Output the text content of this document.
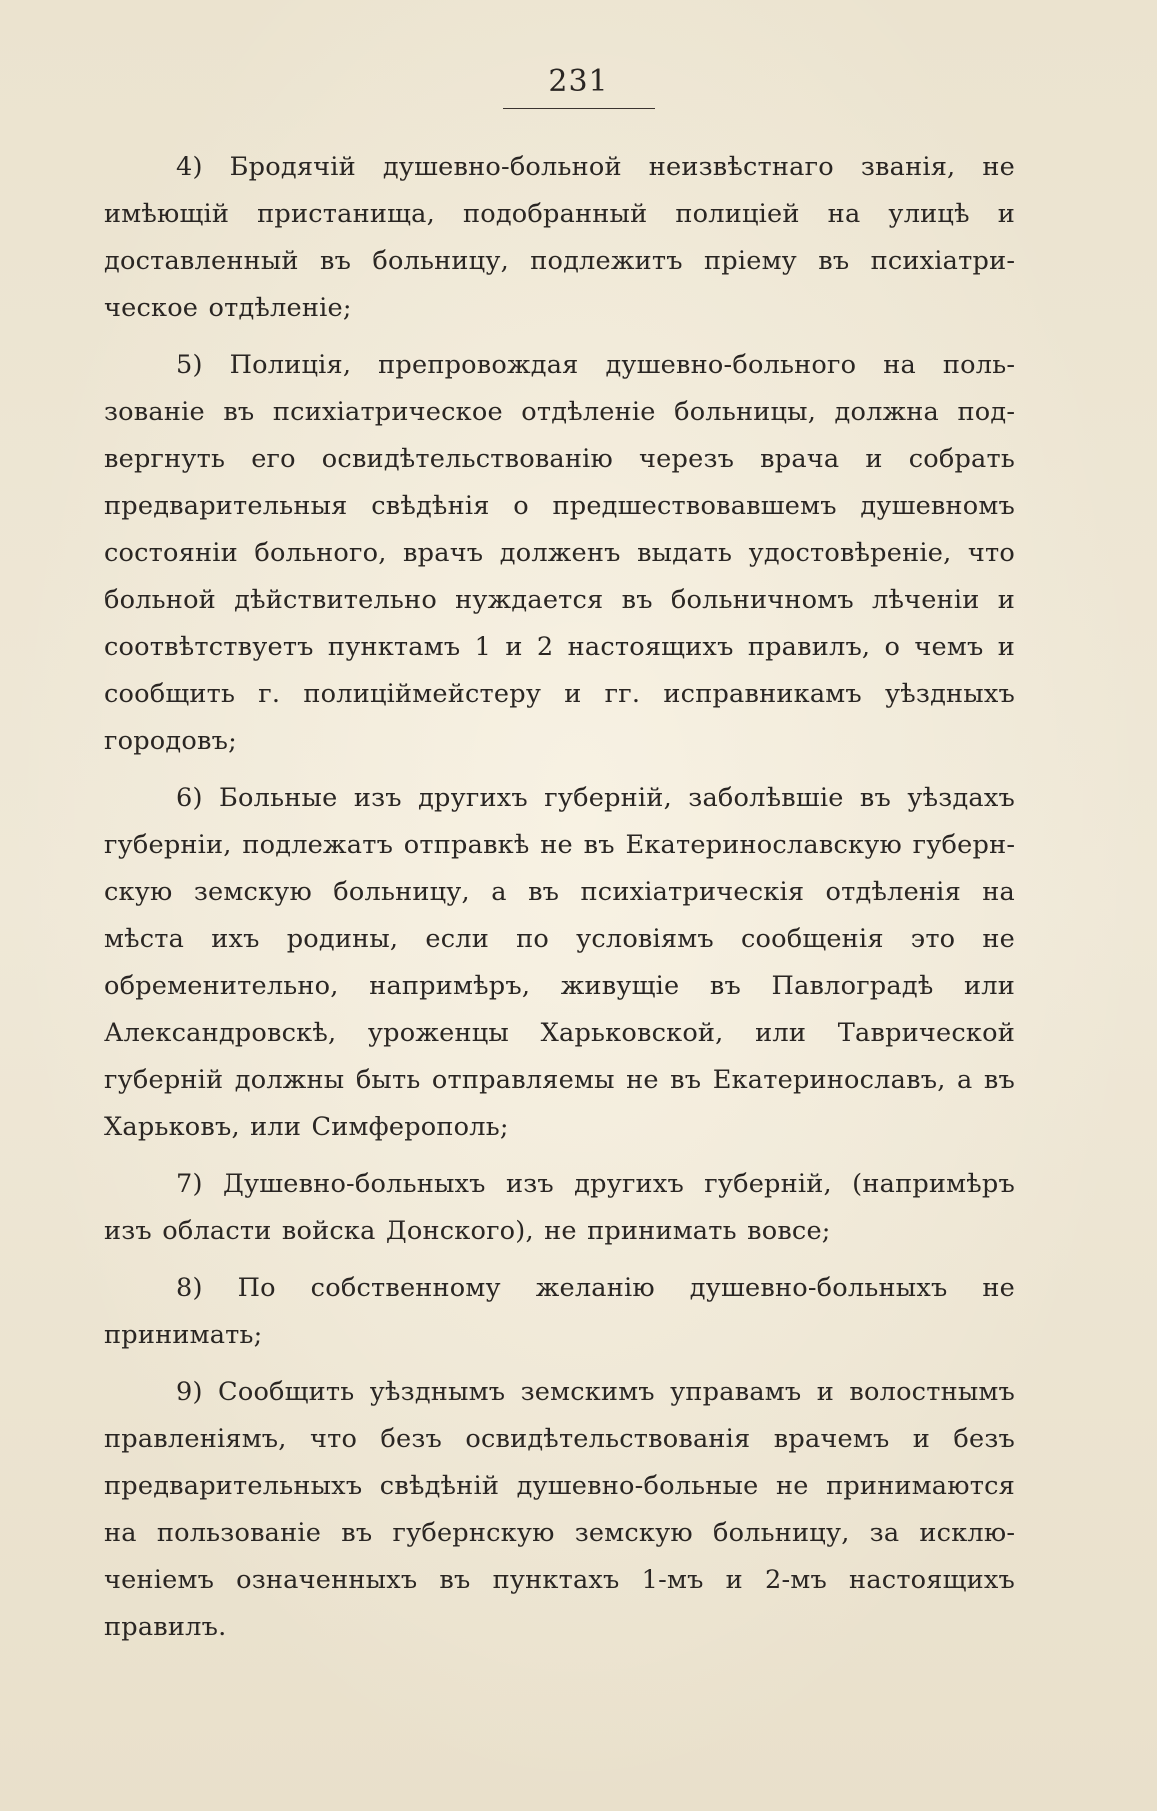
231

4) Бродячій душевно-больной неизвѣстнаго званія, не имѣющій пристанища, подобранный полиціей на улицѣ и доставленный въ больницу, подлежитъ пріему въ психіатрическое отдѣленіе;

5) Полиція, препровождая душевно-больного на пользованіе въ психіатрическое отдѣленіе больницы, должна подвергнуть его освидѣтельствованію черезъ врача и собрать предварительныя свѣдѣнія о предшествовавшемъ душевномъ состояніи больного, врачъ долженъ выдать удостовѣреніе, что больной дѣйствительно нуждается въ больничномъ лѣченіи и соотвѣтствуетъ пунктамъ 1 и 2 настоящихъ правилъ, о чемъ и сообщить г. полиціймейстеру и гг. исправникамъ уѣздныхъ городовъ;

6) Больные изъ другихъ губерній, заболѣвшіе въ уѣздахъ губерніи, подлежатъ отправкѣ не въ Екатеринославскую губернскую земскую больницу, а въ психіатрическія отдѣленія на мѣста ихъ родины, если по условіямъ сообщенія это не обременительно, напримѣръ, живущіе въ Павлоградѣ или Александровскѣ, уроженцы Харьковской, или Таврической губерній должны быть отправляемы не въ Екатеринославъ, а въ Харьковъ, или Симферополь;

7) Душевно-больныхъ изъ другихъ губерній, (напримѣръ изъ области войска Донского), не принимать вовсе;

8) По собственному желанію душевно-больныхъ не принимать;

9) Сообщить уѣзднымъ земскимъ управамъ и волостнымъ правленіямъ, что безъ освидѣтельствованія врачемъ и безъ предварительныхъ свѣдѣній душевно-больные не принимаются на пользованіе въ губернскую земскую больницу, за исключеніемъ означенныхъ въ пунктахъ 1-мъ и 2-мъ настоящихъ правилъ.
